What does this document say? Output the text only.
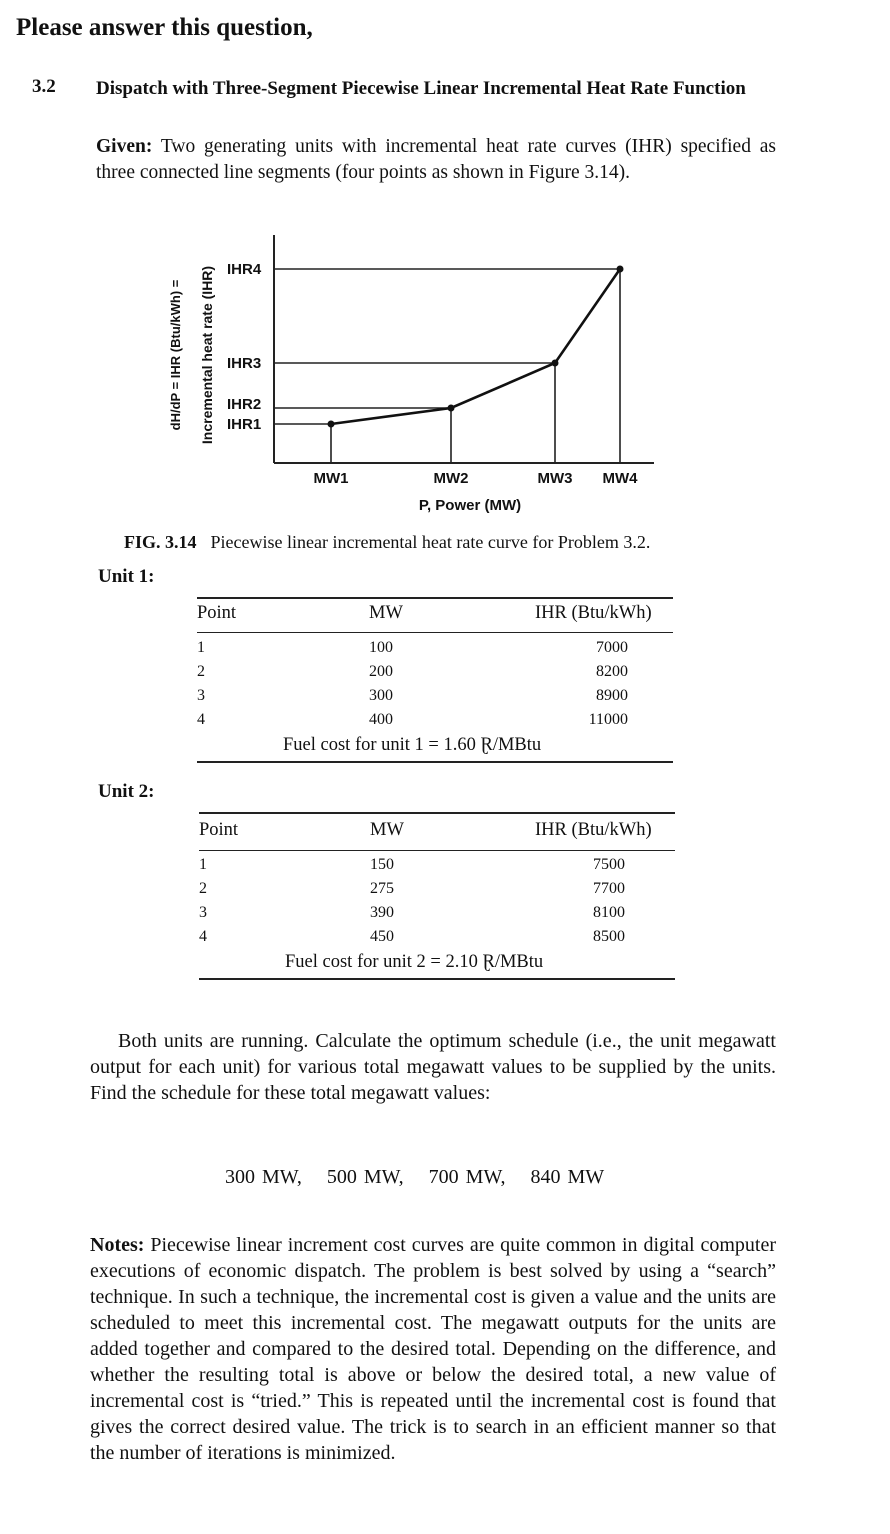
Please answer this question,
3.2 Dispatch with Three-Segment Piecewise Linear Incremental Heat Rate Function
Given: Two generating units with incremental heat rate curves (IHR) specified as three connected line segments (four points as shown in Figure 3.14).
IHR4
IHR3
IHR2
IHR1
MW1	MW2	MW3 MW4
P, Power (MW)
Incremental heat rate (IHR)
dH/dP = IHR (Btu/kWh) =
FIG. 3.14 Piecewise linear incremental heat rate curve for Problem 3.2.
Unit 1:
Point	MW	IHR (Btu/kWh)
1	100	7000
2	200	8200
3	300	8900
4	400	11000
Fuel cost for unit 1 = 1.60 Ɽ/MBtu
Unit 2:
Point	MW	IHR (Btu/kWh)
1	150	7500
2	275	7700
3	390	8100
4	450	8500
Fuel cost for unit 2 = 2.10 Ɽ/MBtu
Both units are running. Calculate the optimum schedule (i.e., the unit megawatt output for each unit) for various total megawatt values to be supplied by the units. Find the schedule for these total megawatt values:
300 MW, 500 MW, 700 MW, 840 MW
Notes: Piecewise linear increment cost curves are quite common in digital computer executions of economic dispatch. The problem is best solved by using a “search” technique. In such a technique, the incremental cost is given a value and the units are scheduled to meet this incremental cost. The megawatt outputs for the units are added together and compared to the desired total. Depending on the difference, and whether the resulting total is above or below the desired total, a new value of incremental cost is “tried.” This is repeated until the incremental cost is found that gives the correct desired value. The trick is to search in an efficient manner so that the number of iterations is minimized.
